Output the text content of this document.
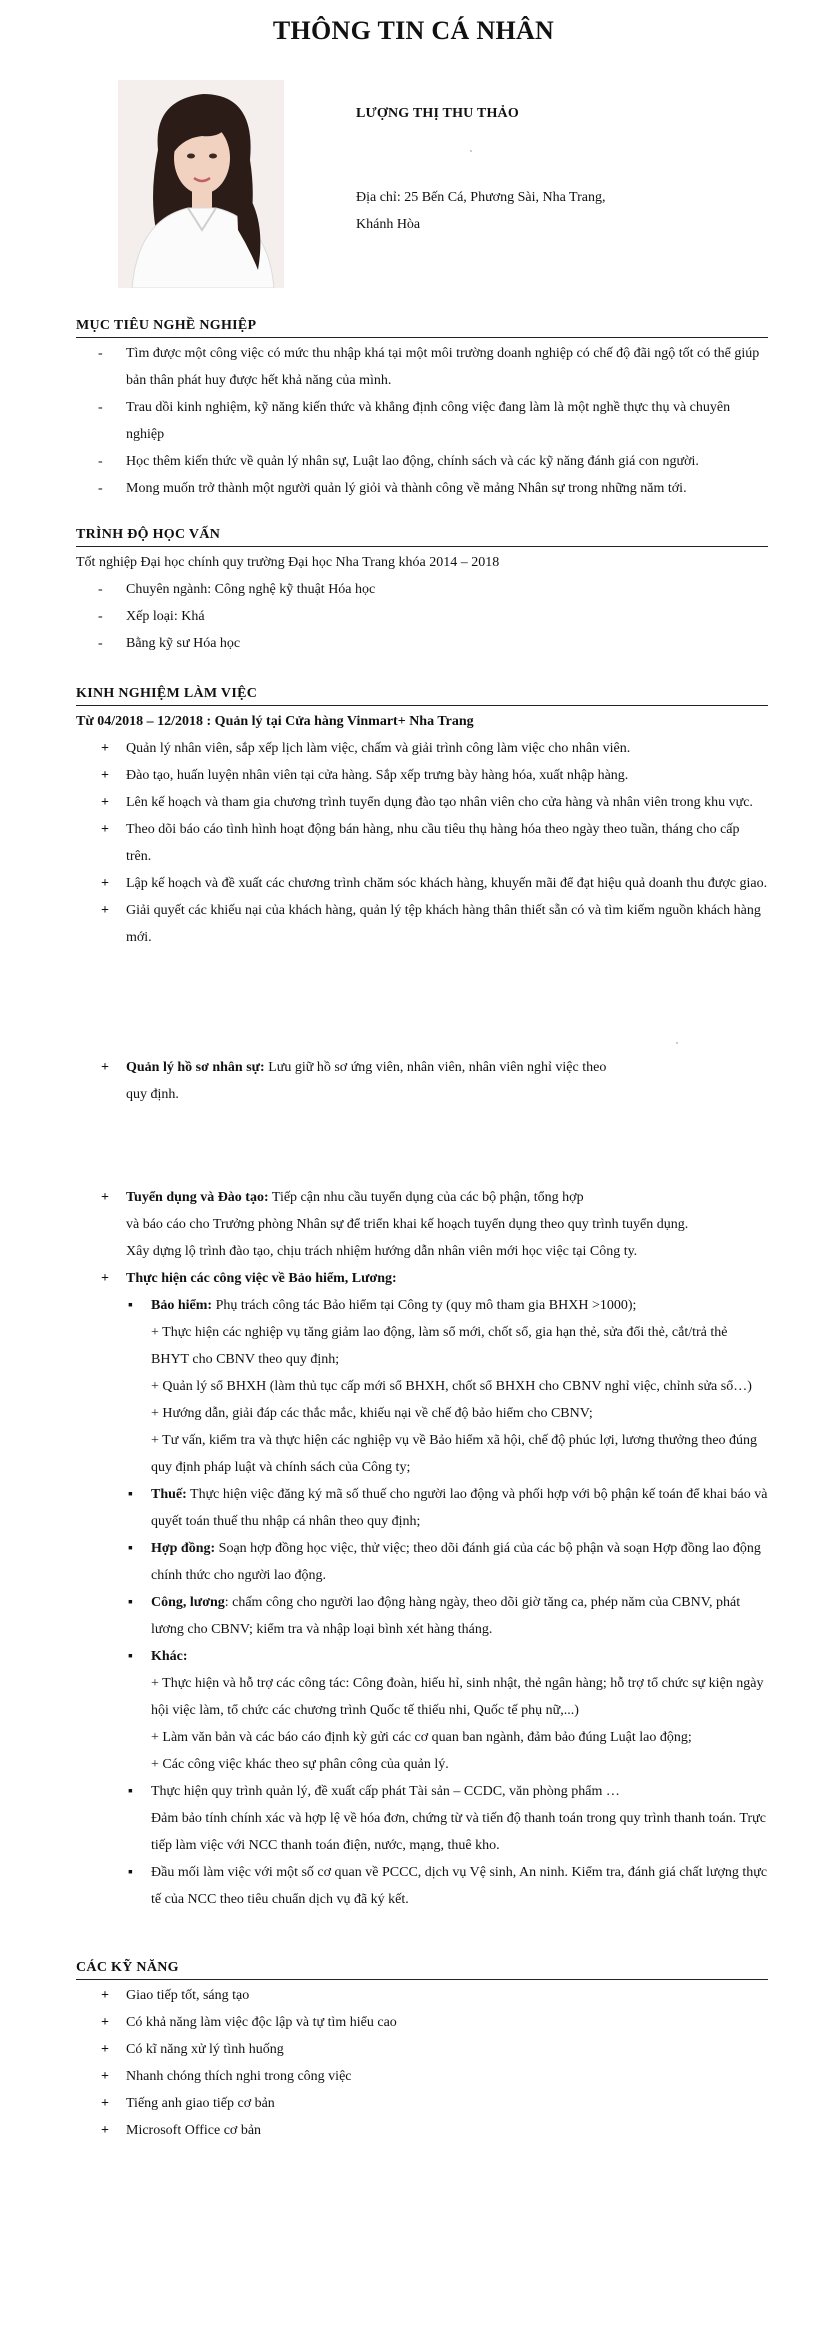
THÔNG TIN CÁ NHÂN
LƯỢNG THỊ THU THẢO
Địa chỉ: 25 Bến Cá, Phương Sài, Nha Trang, Khánh Hòa
MỤC TIÊU NGHỀ NGHIỆP
- Tìm được một công việc có mức thu nhập khá tại một môi trường doanh nghiệp có chế độ đãi ngộ tốt có thể giúp bản thân phát huy được hết khả năng của mình.
- Trau dồi kinh nghiệm, kỹ năng kiến thức và khẳng định công việc đang làm là một nghề thực thụ và chuyên nghiệp
- Học thêm kiến thức về quản lý nhân sự, Luật lao động, chính sách và các kỹ năng đánh giá con người.
- Mong muốn trở thành một người quản lý giỏi và thành công về mảng Nhân sự trong những năm tới.
TRÌNH ĐỘ HỌC VẤN
Tốt nghiệp Đại học chính quy trường Đại học Nha Trang khóa 2014 – 2018
- Chuyên ngành: Công nghệ kỹ thuật Hóa học
- Xếp loại: Khá
- Bằng kỹ sư Hóa học
KINH NGHIỆM LÀM VIỆC
Từ 04/2018 – 12/2018 : Quản lý tại Cửa hàng Vinmart+ Nha Trang
+ Quản lý nhân viên, sắp xếp lịch làm việc, chấm và giải trình công làm việc cho nhân viên.
+ Đào tạo, huấn luyện nhân viên tại cửa hàng. Sắp xếp trưng bày hàng hóa, xuất nhập hàng.
+ Lên kế hoạch và tham gia chương trình tuyển dụng đào tạo nhân viên cho cửa hàng và nhân viên trong khu vực.
+ Theo dõi báo cáo tình hình hoạt động bán hàng, nhu cầu tiêu thụ hàng hóa theo ngày theo tuần, tháng cho cấp trên.
+ Lập kế hoạch và đề xuất các chương trình chăm sóc khách hàng, khuyến mãi để đạt hiệu quả doanh thu được giao.
+ Giải quyết các khiếu nại của khách hàng, quản lý tệp khách hàng thân thiết sẵn có và tìm kiếm nguồn khách hàng mới.
+ Quản lý hồ sơ nhân sự: Lưu giữ hồ sơ ứng viên, nhân viên, nhân viên nghỉ việc theo quy định.
+ Tuyển dụng và Đào tạo: Tiếp cận nhu cầu tuyển dụng của các bộ phận, tổng hợp
và báo cáo cho Trưởng phòng Nhân sự để triển khai kế hoạch tuyển dụng theo quy trình tuyển dụng.
Xây dựng lộ trình đào tạo, chịu trách nhiệm hướng dẫn nhân viên mới học việc tại Công ty.
+ Thực hiện các công việc về Bảo hiểm, Lương:
▪ Bảo hiểm: Phụ trách công tác Bảo hiểm tại Công ty (quy mô tham gia BHXH >1000);
+ Thực hiện các nghiệp vụ tăng giảm lao động, làm sổ mới, chốt sổ, gia hạn thẻ, sửa đổi thẻ, cắt/trả thẻ BHYT cho CBNV theo quy định;
+ Quản lý sổ BHXH (làm thủ tục cấp mới sổ BHXH, chốt sổ BHXH cho CBNV nghỉ việc, chỉnh sửa sổ…)
+ Hướng dẫn, giải đáp các thắc mắc, khiếu nại về chế độ bảo hiểm cho CBNV;
+ Tư vấn, kiểm tra và thực hiện các nghiệp vụ về Bảo hiểm xã hội, chế độ phúc lợi, lương thưởng theo đúng quy định pháp luật và chính sách của Công ty;
▪ Thuế: Thực hiện việc đăng ký mã số thuế cho người lao động và phối hợp với bộ phận kế toán để khai báo và quyết toán thuế thu nhập cá nhân theo quy định;
▪ Hợp đồng: Soạn hợp đồng học việc, thử việc; theo dõi đánh giá của các bộ phận và soạn Hợp đồng lao động chính thức cho người lao động.
▪ Công, lương: chấm công cho người lao động hàng ngày, theo dõi giờ tăng ca, phép năm của CBNV, phát lương cho CBNV; kiểm tra và nhập loại bình xét hàng tháng.
▪ Khác:
+ Thực hiện và hỗ trợ các công tác: Công đoàn, hiếu hỉ, sinh nhật, thẻ ngân hàng; hỗ trợ tổ chức sự kiện ngày hội việc làm, tổ chức các chương trình Quốc tế thiếu nhi, Quốc tế phụ nữ,...)
+ Làm văn bản và các báo cáo định kỳ gửi các cơ quan ban ngành, đảm bảo đúng Luật lao động;
+ Các công việc khác theo sự phân công của quản lý.
▪ Thực hiện quy trình quản lý, đề xuất cấp phát Tài sản – CCDC, văn phòng phẩm …
Đảm bảo tính chính xác và hợp lệ về hóa đơn, chứng từ và tiến độ thanh toán trong quy trình thanh toán. Trực tiếp làm việc với NCC thanh toán điện, nước, mạng, thuê kho.
▪ Đầu mối làm việc với một số cơ quan về PCCC, dịch vụ Vệ sinh, An ninh. Kiểm tra, đánh giá chất lượng thực tế của NCC theo tiêu chuẩn dịch vụ đã ký kết.
CÁC KỸ NĂNG
+ Giao tiếp tốt, sáng tạo
+ Có khả năng làm việc độc lập và tự tìm hiểu cao
+ Có kĩ năng xử lý tình huống
+ Nhanh chóng thích nghi trong công việc
+ Tiếng anh giao tiếp cơ bản
+ Microsoft Office cơ bản
